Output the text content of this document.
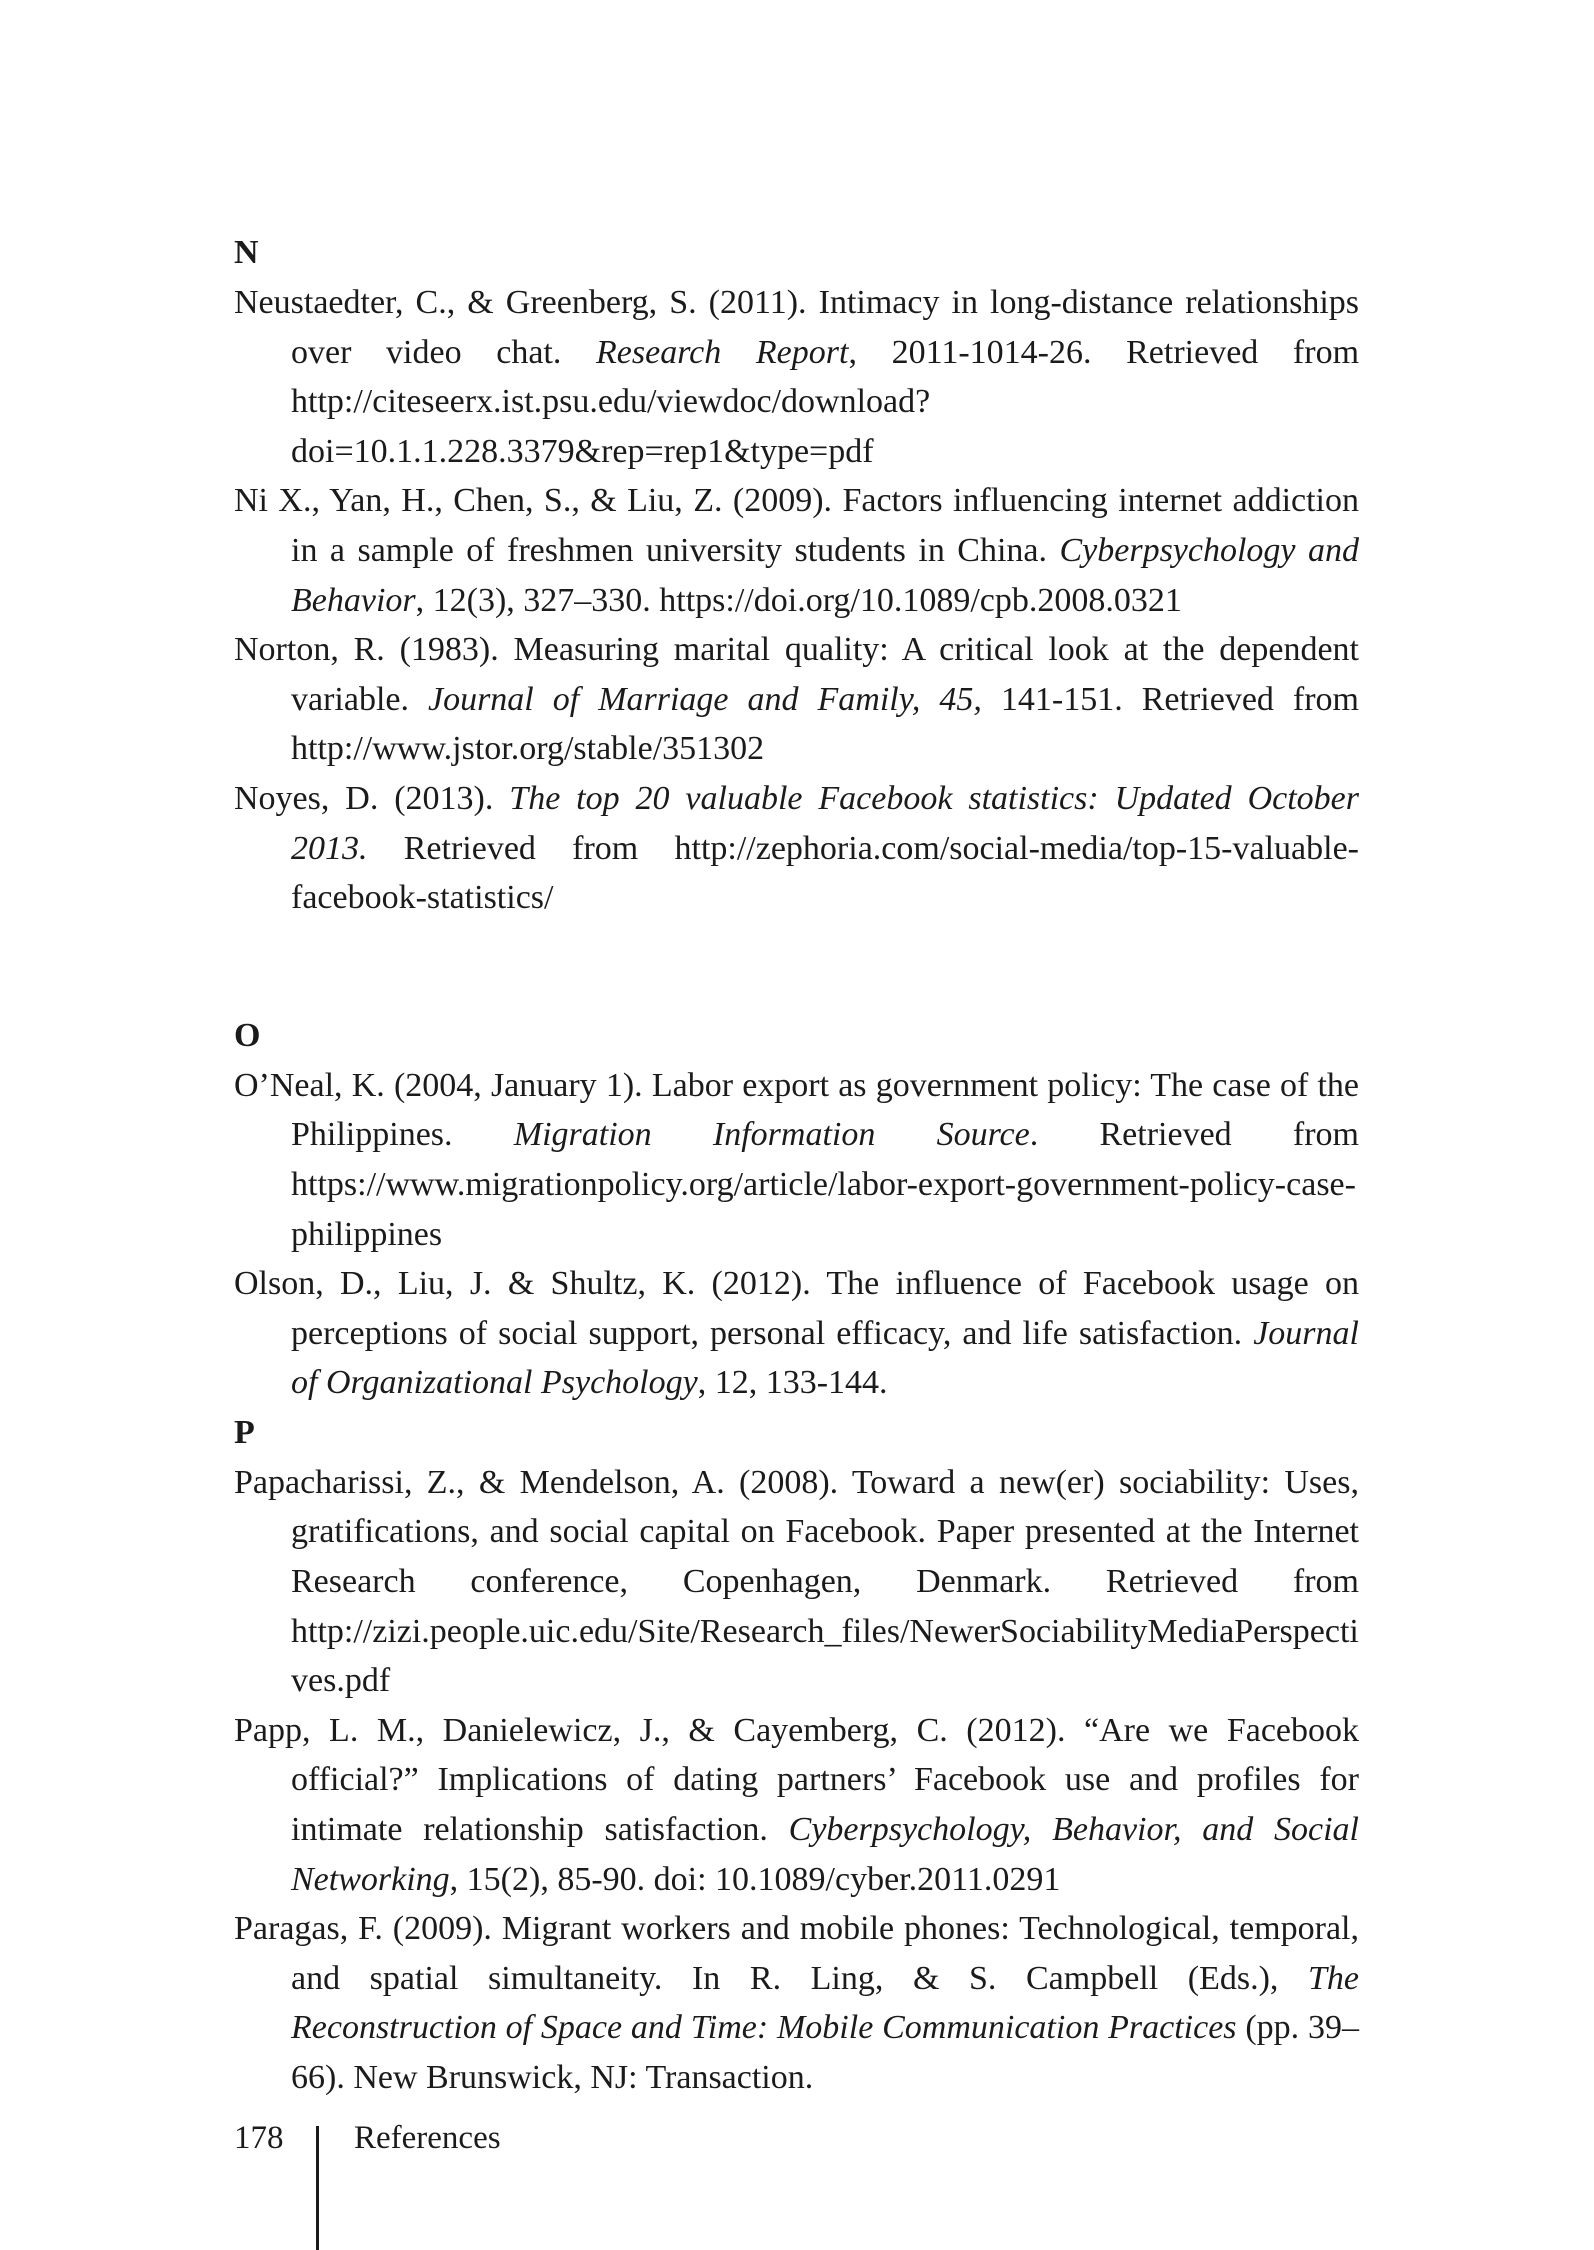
N

Neustaedter, C., & Greenberg, S. (2011). Intimacy in long-distance relationships over video chat. Research Report, 2011-1014-26. Retrieved from http://citeseerx.ist.psu.edu/viewdoc/download?doi=10.1.1.228.3379&rep=rep1&type=pdf

Ni X., Yan, H., Chen, S., & Liu, Z. (2009). Factors influencing internet addiction in a sample of freshmen university students in China. Cyberpsychology and Behavior, 12(3), 327–330. https://doi.org/10.1089/cpb.2008.0321

Norton, R. (1983). Measuring marital quality: A critical look at the dependent variable. Journal of Marriage and Family, 45, 141-151. Retrieved from http://www.jstor.org/stable/351302

Noyes, D. (2013). The top 20 valuable Facebook statistics: Updated October 2013. Retrieved from http://zephoria.com/social-media/top-15-valuable-facebook-statistics/

O

O’Neal, K. (2004, January 1). Labor export as government policy: The case of the Philippines. Migration Information Source. Retrieved from https://www.migrationpolicy.org/article/labor-export-government-policy-case-philippines

Olson, D., Liu, J. & Shultz, K. (2012). The influence of Facebook usage on perceptions of social support, personal efficacy, and life satisfaction. Journal of Organizational Psychology, 12, 133-144.

P

Papacharissi, Z., & Mendelson, A. (2008). Toward a new(er) sociability: Uses, gratifications, and social capital on Facebook. Paper presented at the Internet Research conference, Copenhagen, Denmark. Retrieved from http://zizi.people.uic.edu/Site/Research_files/NewerSociabilityMediaPerspectives.pdf

Papp, L. M., Danielewicz, J., & Cayemberg, C. (2012). “Are we Facebook official?” Implications of dating partners’ Facebook use and profiles for intimate relationship satisfaction. Cyberpsychology, Behavior, and Social Networking, 15(2), 85-90. doi: 10.1089/cyber.2011.0291

Paragas, F. (2009). Migrant workers and mobile phones: Technological, temporal, and spatial simultaneity. In R. Ling, & S. Campbell (Eds.), The Reconstruction of Space and Time: Mobile Communication Practices (pp. 39–66). New Brunswick, NJ: Transaction.

178 References
